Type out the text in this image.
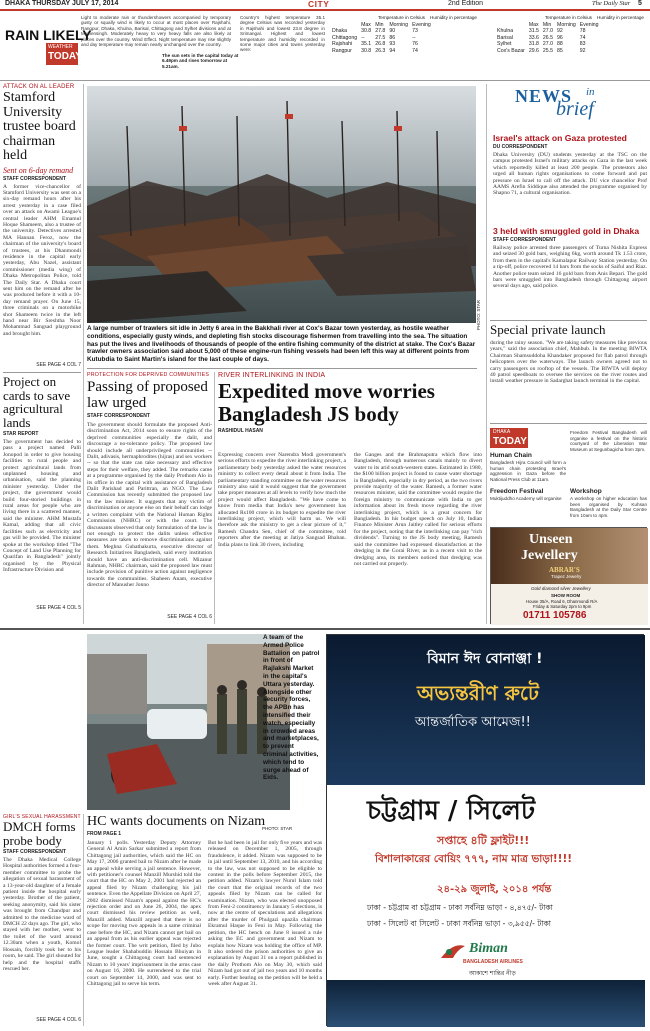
DHAKA THURSDAY JULY 17, 2014	CITY	2nd Edition	The Daily Star 5
RAIN LIKELY
WEATHER
TODAY
Light to moderate rain or thundershowers accompanied by temporary gusty or squally wind is likely to occur at most places over Rajshahi, Rangpur, Dhaka, Khulna, Barisal, Chittagong and Sylhet divisions and at Mymensingh. Moderately heavy to very heavy falls are also likely at places over the country. Wind Effect. Night temperature may rise slightly and day temperature may remain nearly unchanged over the country.
Country's highest temperature 35.1 degree Celsius was recorded yesterday in Rajshahi and lowest 23.8 degree in Srimangal. Highest and lowest temperature and humidity recorded in some major cities and towns yesterday were:
The sun sets in the capital today at 6.49pm and rises tomorrow at 5.21am.
Temperature in Celsius Humidity in percentage
	Max	Min	Morning	Evening
Dhaka	30.8	27.8	90	73
Chittagong	--	27.5	86	--
Rajshahi	35.1	26.8	93	76
Rangpur	30.8	26.3	94	74
Temperature in Celsius Humidity in percentage
	Max	Min	Morning	Evening
Khulna	31.5	27.0	92	78
Barisal	33.6	26.5	96	74
Sylhet	31.8	27.0	88	83
Cox's Bazar	29.6	25.5	85	92
ATTACK ON AL LEADER
Stamford University trustee board chairman held
Sent on 6-day remand
STAFF CORRESPONDENT
A former vice-chancellor of Stamford University was sent on a six-day remand hours after his arrest yesterday in a case filed over an attack on Awami League's central leader AHM Emamul Hoque Shameem, also a trustee of the university. Detectives arrested MA Hannan Feroz, now the chairman of the university's board of trustees, at his Dhanmondi residence in the capital early yesterday, Abu Nazel, assistant commissioner (media wing) of Dhaka Metropolitan Police, told The Daily Star. A Dhaka court sent him on the remand after he was produced before it with a 10-day remand prayer. On June 15, three criminals on a motorbike shot Shameem twice in the left hand near Bir Sreshtha Noor Mohammad Sangsad playground and brought him.
SEE PAGE 4 COL 7
Project on cards to save agricultural lands
STAR REPORT
The government has decided to pass a project named Palli Jonopod in order to give housing facilities to rural people and protect agricultural lands from unplanned housing and urbanisation, said the planning minister yesterday. Under the project, the government would build four-storied buildings in rural areas for people who are living there in a scattered manner, said the minister. AHM Mustafa Kamal, adding that all civic facilities such as electricity and gas will be provided. The minister spoke at the workshop titled "The Concept of Land Use Planning for Quarifan in Bangladesh" jointly organised by the Physical Infrastructure Division and
SEE PAGE 4 COL 5
PHOTO: STAR
A large number of trawlers sit idle in Jetty 6 area in the Bakkhali river at Cox's Bazar town yesterday, as hostile weather conditions, especially gusty winds, and depleting fish stocks discourage fishermen from travelling into the sea. The situation has put the lives and livelihoods of thousands of people of the entire fishing community of the district at stake. The Cox's Bazar trawler owners association said about 5,000 of these engine-run fishing vessels had been left this way at different points from Kutubdia to Saint Martin's island for the last couple of days.
PROTECTION FOR DEPRIVED COMMUNITIES
Passing of proposed law urged
STAFF CORRESPONDENT
The government should formulate the proposed Anti-discrimination Act, 2014 soon to ensure rights of the deprived communities especially the dalit, and discourage a no-tolerance policy. The proposed law should include all underprivileged communities -- Dalit, adivasis, hermaphrodites (hijras) and sex workers -- so that the state can take necessary and effective steps for their welfare, they added. The remarks came at a programme organised by the daily Prothom Alo in its office in the capital with assistance of Bangladesh Dalit Parishad and Parittran, an NGO. The Law Commission has recently submitted the proposed law to the law minister. It suggests that any victim of discrimination or anyone else on their behalf can lodge a written complaint with the National Human Rights Commission (NHRC) or with the court. The discussants observed that only formulation of the law is not enough to protect the dalits unless effective measures are taken to remove discriminations against them. Meghna Guhathakurta, executive director of Research Initiatives Bangladesh, said every institution should have an anti-discrimination cell. Mizanur Rahman, NHRC chairman, said the proposed law must include provision of punitive action against negligence towards the communities. Shaheen Anam, executive director of Manusher Jonno
SEE PAGE 4 COL 6
RIVER INTERLINKING IN INDIA
Expedited move worries Bangladesh JS body
RASHIDUL HASAN
Expressing concern over Narendra Modi government's serious efforts to expedite the river interlinking project, a parliamentary body yesterday asked the water resources ministry to collect every detail about it from India. The parliamentary standing committee on the water resources ministry also said it would suggest that the government take proper measures at all levels to verify how much the project would affect Bangladesh. "We have come to know from media that India's new government has allocated Rs100 crore in its budget to expedite the river interlinking project, which will harm us. We will therefore ask the ministry to get a clear picture of it," Ramesh Chandra Sen, chief of the committee, told reporters after the meeting at Jatiya Sangsad Bhaban. India plans to link 30 rivers, including
the Ganges and the Brahmaputra which flow into Bangladesh, through numerous canals mainly to divert water to its arid south-western states. Estimated in 1980, the $100 billion project is found to cause water shortage in Bangladesh, especially in dry period, as the two rivers provide majority of the water. Ramesh, a former water resources minister, said the committee would require the foreign ministry to communicate with India to get information about its fresh move regarding the river interlinking project, which is a great concern for Bangladesh. In his budget speech on July 10, Indian Finance Minister Arun Jaitley called for serious efforts for the project, noting that the interlinking can pay "rich dividends". Turning to the JS body meeting, Ramesh said the committee had expressed dissatisfaction at the dredging in the Gorai River, as in a recent visit to the dredging area, its members noticed that dredging was not carried out properly.
NEWS in
brief
Israel's attack on Gaza protested
DU CORRESPONDENT
Dhaka University (DU) students yesterday at the TSC on the campus protested Israel's military attacks on Gaza in the last week which reportedly killed at least 200 people. The protestors also urged all human rights organisations to come forward and put pressure on Israel to call off the attack. DU vice chancellor Prof AAMS Arefin Siddique also attended the programme organised by Shapno 71, a cultural organisation.
3 held with smuggled gold in Dhaka
STAFF CORRESPONDENT
Railway police arrested three passengers of Turna Nishita Express and seized 30 gold bars, weighing 6kg, worth around Tk 1.53 crore, from them in the capital's Kamalapur Railway Station yesterday. On a tip-off, police recovered 14 bars from the socks of Saiful and Riaz. Another police team seized 16 gold bars from Anis Bepari. The gold bars were smuggled into Bangladesh through Chittagong airport several days ago, said police.
Special private launch
during the rainy season. "We are taking safety measures like previous years," said the association chief, Mahbub. In the meeting BIWTA Chairman Shamsuddoha Khandaker proposed for flab patrol through helicopters over the waterways. The launch owners agreed not to carry passengers on rooftop of the vessels. The BIWTA will deploy 40 patrol speedboats to oversee the services on the river routes and install weather pressure in Sadarghat launch terminal in the capital.
DHAKA
TODAY
Human Chain
Bangladesh Hijra Council will form a human chain protesting Israel's aggression in Gaza before the National Press Club at 11am.
Freedom Festival
Muktijuddho Academy will organise
Freedom Festival Bangladesh will organise a festival on the historic courtyard of the Liberation War Museum at Segunbagicha from 3pm.
Workshop
A workshop on higher education has been organised by Kuhsan Bangladesh at the Daily Star Centre from 10am to 4pm.
Unseen
Jewellery
ABRAR'S
Trapez Jewelry
Gold diamond silver Jewellery
SHOW ROOM
House 35/A, Road 6, Dhanmondi R/A
Friday & Saturday 2pm to 9pm
01711 105786
A team of the Armed Police Battalion on patrol in front of Rajlakshi Market in the capital's Uttara yesterday. Alongside other security forces, the APBn has intensified their watch, especially in crowded areas and marketplaces, to prevent criminal activities, which tend to surge ahead of Eids.
PHOTO: STAR
বিমান ঈদ বোনাঞ্জা !
অভ্যন্তরীণ রুটে
আন্তর্জাতিক আমেজ!!
চট্টগ্রাম / সিলেট
সপ্তাহে ৪টি ফ্লাইট!!!
বিশালাকারের বোয়িং ৭৭৭, নাম মাত্র ভাড়া!!!!
২৪-২৯ জুলাই, ২০১৪ পর্যন্ত
ঢাকা - চট্টগ্রাম বা চট্টগ্রাম - ঢাকা সর্বনিম্ন ভাড়া - ৪,৪৭৫/- টাকা
ঢাকা - সিলেট বা সিলেট - ঢাকা সর্বনিম্ন ভাড়া - ৩,৯৫৫/- টাকা
Biman
BANGLADESH AIRLINES
আকাশে শান্তির নীড়
GIRL'S SEXUAL HARASSMENT
DMCH forms probe body
STAFF CORRESPONDENT
The Dhaka Medical College Hospital authorities formed a four-member committee to probe the allegation of sexual harassment of a 13-year-old daughter of a female patient inside the hospital early yesterday. Brother of the patient, seeking anonymity, said his sister was brought from Chandpur and admitted to the medicine ward of DMCH 22 days ago. The girl, who stayed with her mother, went to the toilet of the ward around 12.30am when a youth, Komol Hossain, forcibly took her to his room, he said. The girl shouted for help and the hospital staffs rescued her.
SEE PAGE 4 COL 6
HC wants documents on Nizam
FROM PAGE 1
January 1 polls. Yesterday Deputy Attorney General Al Amin Sarkar submitted a report from Chittagong jail authorities, which said the HC on May 17, 2006 granted bail to Nizam after he made an appeal while serving a jail sentence. However, with petitioner's counsel Manzill Murshid told the court that the HC on May 2, 2001 had rejected an appeal filed by Nizam challenging his jail sentence. Even the Appellate Division on April 27, 2002 dismissed Nizam's appeal against the HC's rejection order and on June 26, 2004, the apex court dismissed his review petition as well, Manzill added. Manzill argued that there is no scope for moving two appeals in a same criminal case before the HC, and Nizam cannot get bail on an appeal from as his earlier appeal was rejected the former court. The writ petition, filed by Jubo League leader Shahabuddin Hossain Bhuiyan in June, sought a Chittagong court had sentenced Nizam to 10 years' imprisonment in the arms case on August 16, 2000. He surrendered to the trial court on September 14, 2000, and was sent to Chittagong jail to serve his term.
But he had been in jail for only five years and was released on December 1, 2005, through fraudulence, it added. Nizam was supposed to be in jail until September 13, 2010, and his according to the law, was not supposed to be eligible to contest in the polls before September 2015, the petition added. Nizam's lawyer Nurul Islam told the court that the original records of the two appeals filed by Nizam can be called for examination. Nizam, who was elected unopposed from Feni-2 constituency in January 5 elections, is now at the centre of speculations and allegations after the murder of Phulgazi upazila chairman Ekramul Haque in Feni in May. Following the petition, the HC bench on June 8 issued a rule asking the EC and government and Nizam to explain how Nizam was holding the office of MP. It also ordered the prison authorities to give an explanation by August 31 on a report published in the daily Prothom Alo on May 30, which said Nizam had got out of jail two years and 10 months early. Further hearing on the petition will be held a week after August 31.
